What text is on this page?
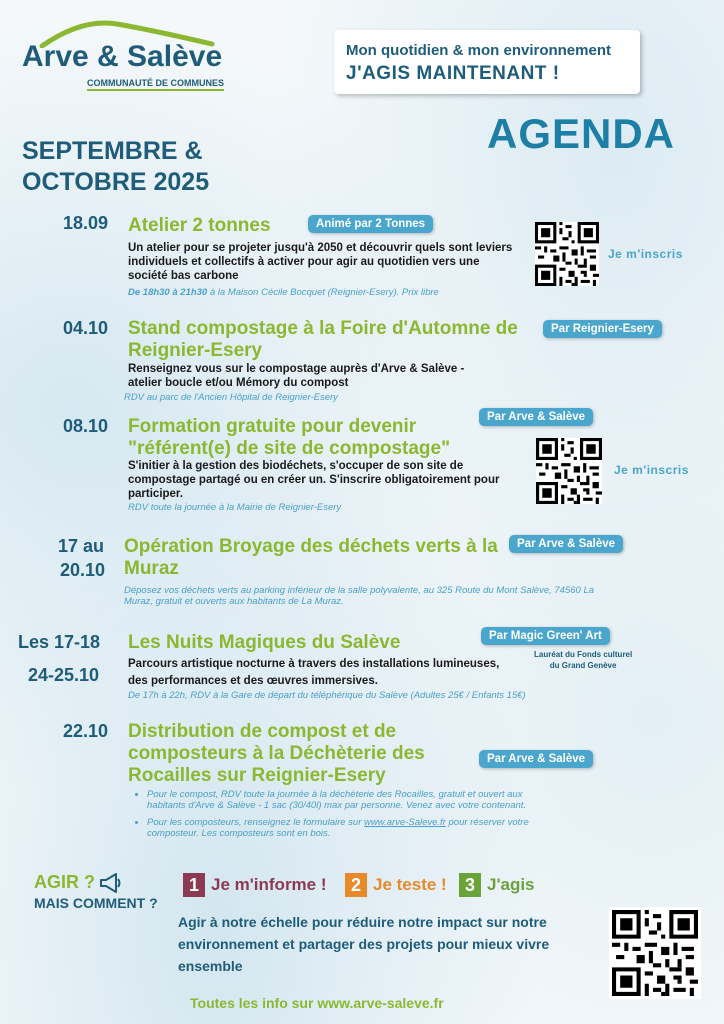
Arve & Salève
COMMUNAUTÉ DE COMMUNES
Mon quotidien & mon environnement
J'AGIS MAINTENANT !
AGENDA
SEPTEMBRE &
OCTOBRE 2025
18.09 Atelier 2 tonnes	Animé par 2 Tonnes
Un atelier pour se projeter jusqu'à 2050 et découvrir quels sont leviers individuels et collectifs à activer pour agir au quotidien vers une société bas carbone
De 18h30 à 21h30 à la Maison Cécile Bocquet (Reignier-Esery). Prix libre
Je m'inscris
04.10 Stand compostage à la Foire d'Automne de Reignier-Esery
Par Reignier-Esery
Renseignez vous sur le compostage auprès d'Arve & Salève - atelier boucle et/ou Mémory du compost
RDV au parc de l'Ancien Hôpital de Reignier-Esery
08.10 Formation gratuite pour devenir "référent(e) de site de compostage"
Par Arve & Salève
S'initier à la gestion des biodéchets, s'occuper de son site de compostage partagé ou en créer un. S'inscrire obligatoirement pour participer.
RDV toute la journée à la Mairie de Reignier-Esery
Je m'inscris
17 au
20.10
Opération Broyage des déchets verts à la Muraz
Par Arve & Salève
Déposez vos déchets verts au parking inférieur de la salle polyvalente, au 325 Route du Mont Salève, 74560 La Muraz, gratuit et ouverts aux habitants de La Muraz.
Les 17-18
24-25.10
Les Nuits Magiques du Salève	Par Magic Green' Art
Lauréat du Fonds culturel
du Grand Genève
Parcours artistique nocturne à travers des installations lumineuses, des performances et des œuvres immersives.
De 17h à 22h, RDV à la Gare de départ du téléphérique du Salève (Adultes 25€ / Enfants 15€)
22.10 Distribution de compost et de composteurs à la Déchèterie des Rocailles sur Reignier-Esery
Par Arve & Salève
• Pour le compost, RDV toute la journée à la déchèterie des Rocailles, gratuit et ouvert aux habitants d'Arve & Salève - 1 sac (30/40l) max par personne. Venez avec votre contenant.
• Pour les composteurs, renseignez le formulaire sur www.arve-Saleve.fr pour réserver votre composteur. Les composteurs sont en bois.
AGIR ?
MAIS COMMENT ?
1 Je m'informe !	2 Je teste !	3 J'agis
Agir à notre échelle pour réduire notre impact sur notre environnement et partager des projets pour mieux vivre ensemble
Toutes les info sur www.arve-saleve.fr
